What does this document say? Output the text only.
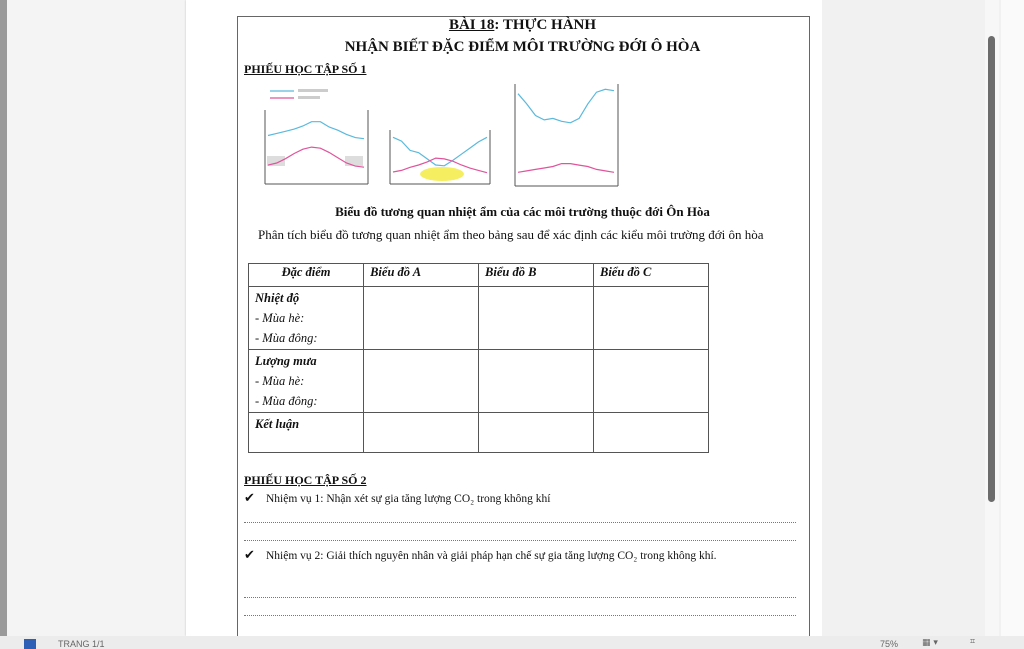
BÀI 18: THỰC HÀNH
NHẬN BIẾT ĐẶC ĐIỂM MÔI TRƯỜNG ĐỚI Ô HÒA
PHIẾU HỌC TẬP SỐ 1
Biểu đồ tương quan nhiệt ẩm của các môi trường thuộc đới Ôn Hòa
Phân tích biểu đồ tương quan nhiệt ẩm theo bảng sau để xác định các kiểu môi trường đới ôn hòa
Đặc điểm	Biểu đồ A	Biểu đồ B	Biểu đồ C

Nhiệt độ
- Mùa hè:
- Mùa đông:			

Lượng mưa
- Mùa hè:
- Mùa đông:			

Kết luận			

PHIẾU HỌC TẬP SỐ 2
✔ Nhiệm vụ 1: Nhận xét sự gia tăng lượng CO₂ trong không khí
✔ Nhiệm vụ 2: Giải thích nguyên nhân và giải pháp hạn chế sự gia tăng lượng CO₂ trong không khí.
TRANG 1/1	75%	▦ ▾	⌗
